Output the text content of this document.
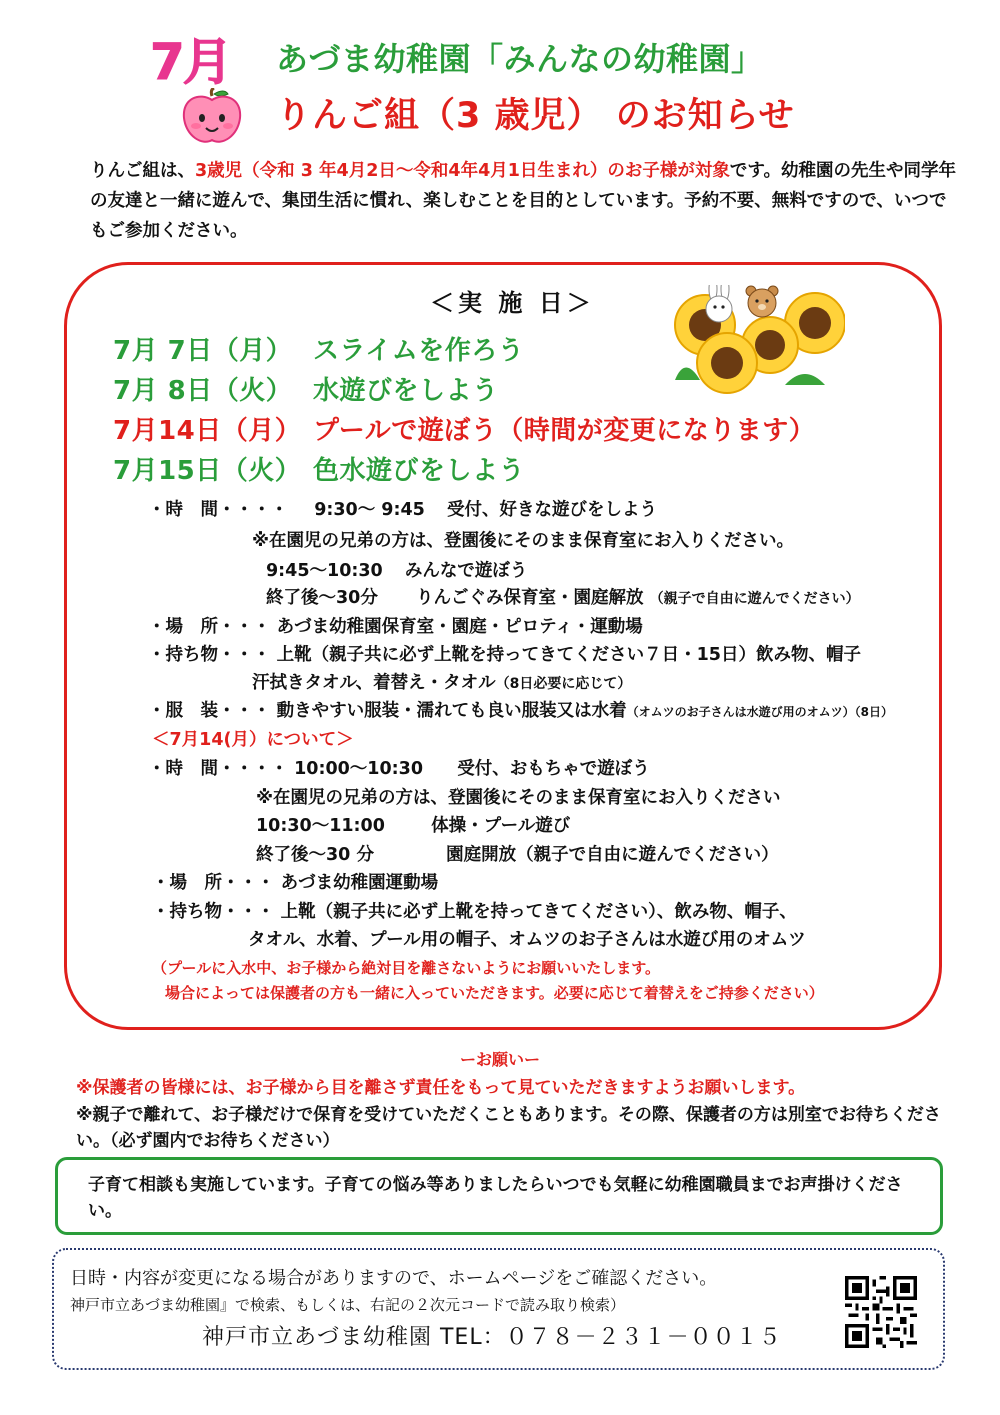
7月 あづま幼稚園「みんなの幼稚園」
りんご組（3 歳児） のお知らせ
りんご組は、3歳児（令和 3 年4月2日～令和4年4月1日生まれ）のお子様が対象です。幼稚園の先生や同学年の友達と一緒に遊んで、集団生活に慣れ、楽しむことを目的としています。予約不要、無料ですので、いつでもご参加ください。
＜実 施 日＞
7月 7日（月） スライムを作ろう
7月 8日（火） 水遊びをしよう
7月14日（月） プールで遊ぼう（時間が変更になります）
7月15日（火） 色水遊びをしよう
・時　間・・・・ 9:30～ 9:45 受付、好きな遊びをしよう
※在園児の兄弟の方は、登園後にそのまま保育室にお入りください。
9:45～10:30 みんなで遊ぼう
終了後～30分 りんごぐみ保育室・園庭解放 （親子で自由に遊んでください）
・場　所・・・ あづま幼稚園保育室・園庭・ピロティ・運動場
・持ち物・・・ 上靴（親子共に必ず上靴を持ってきてください７日・15日）飲み物、帽子
汗拭きタオル、着替え・タオル（8日必要に応じて）
・服　装・・・ 動きやすい服装・濡れても良い服装又は水着（オムツのお子さんは水遊び用のオムツ）（8日）
＜7月14(月）について＞
・時　間・・・・ 10:00～10:30 受付、おもちゃで遊ぼう
※在園児の兄弟の方は、登園後にそのまま保育室にお入りください
10:30～11:00	体操・プール遊び
終了後～30 分	園庭開放（親子で自由に遊んでください）
・場　所・・・ あづま幼稚園運動場
・持ち物・・・ 上靴（親子共に必ず上靴を持ってきてください）、飲み物、帽子、
タオル、水着、プール用の帽子、オムツのお子さんは水遊び用のオムツ
（プールに入水中、お子様から絶対目を離さないようにお願いいたします。
場合によっては保護者の方も一緒に入っていただきます。必要に応じて着替えをご持参ください）
ーお願いー
※保護者の皆様には、お子様から目を離さず責任をもって見ていただきますようお願いします。
※親子で離れて、お子様だけで保育を受けていただくこともあります。その際、保護者の方は別室でお待ちください。（必ず園内でお待ちください）
子育て相談も実施しています。子育ての悩み等ありましたらいつでも気軽に幼稚園職員までお声掛けください。
日時・内容が変更になる場合がありますので、ホームページをご確認ください。
神戸市立あづま幼稚園』で検索、もしくは、右記の２次元コードで読み取り検索）
神戸市立あづま幼稚園 TEL：０７８－２３１－００１５
